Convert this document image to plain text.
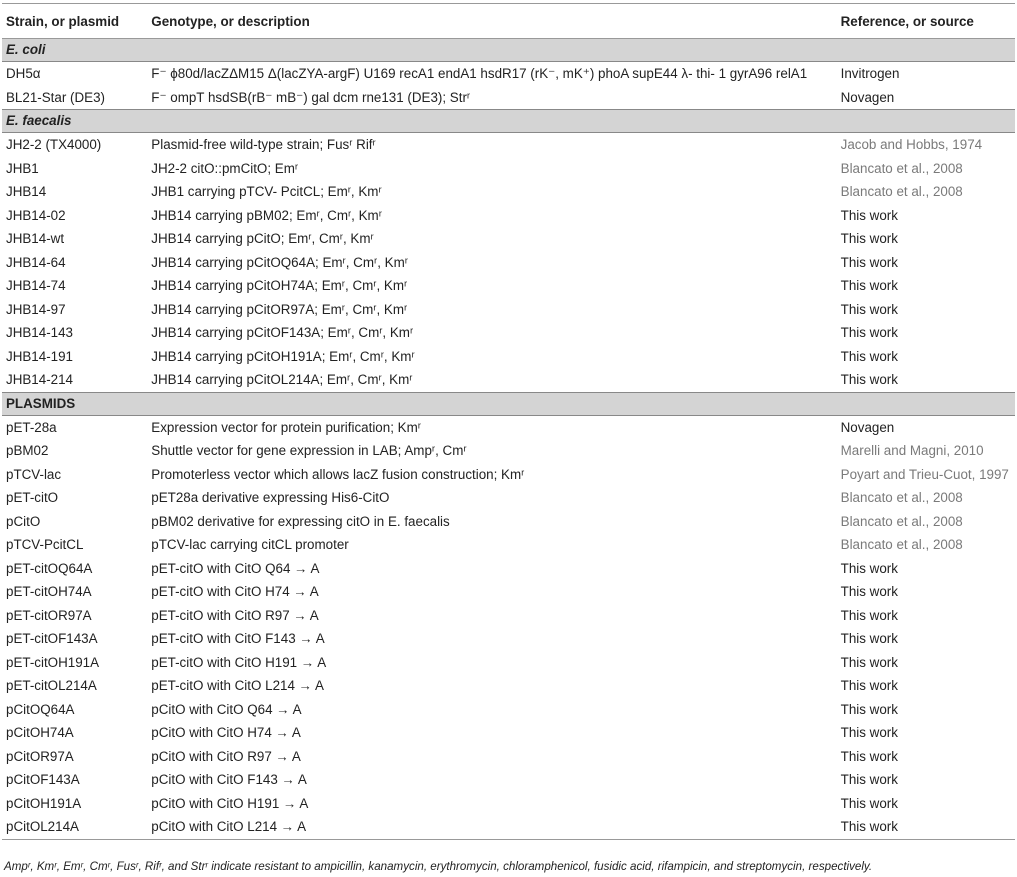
Strain, or plasmid	Genotype, or description	Reference, or source
E. coli		
DH5α	F⁻ ϕ80d/lacZΔM15 Δ(lacZYA-argF) U169 recA1 endA1 hsdR17 (rK⁻, mK⁺) phoA supE44 λ- thi- 1 gyrA96 relA1	Invitrogen
BL21-Star (DE3)	F⁻ ompT hsdSB(rB⁻ mB⁻) gal dcm rne131 (DE3); Strʳ	Novagen
E. faecalis		
JH2-2 (TX4000)	Plasmid-free wild-type strain; Fusʳ Rifʳ	Jacob and Hobbs, 1974
JHB1	JH2-2 citO::pmCitO; Emʳ	Blancato et al., 2008
JHB14	JHB1 carrying pTCV- PcitCL; Emʳ, Kmʳ	Blancato et al., 2008
JHB14-02	JHB14 carrying pBM02; Emʳ, Cmʳ, Kmʳ	This work
JHB14-wt	JHB14 carrying pCitO; Emʳ, Cmʳ, Kmʳ	This work
JHB14-64	JHB14 carrying pCitOQ64A; Emʳ, Cmʳ, Kmʳ	This work
JHB14-74	JHB14 carrying pCitOH74A; Emʳ, Cmʳ, Kmʳ	This work
JHB14-97	JHB14 carrying pCitOR97A; Emʳ, Cmʳ, Kmʳ	This work
JHB14-143	JHB14 carrying pCitOF143A; Emʳ, Cmʳ, Kmʳ	This work
JHB14-191	JHB14 carrying pCitOH191A; Emʳ, Cmʳ, Kmʳ	This work
JHB14-214	JHB14 carrying pCitOL214A; Emʳ, Cmʳ, Kmʳ	This work
PLASMIDS		
pET-28a	Expression vector for protein purification; Kmʳ	Novagen
pBM02	Shuttle vector for gene expression in LAB; Ampʳ, Cmʳ	Marelli and Magni, 2010
pTCV-lac	Promoterless vector which allows lacZ fusion construction; Kmʳ	Poyart and Trieu-Cuot, 1997
pET-citO	pET28a derivative expressing His6-CitO	Blancato et al., 2008
pCitO	pBM02 derivative for expressing citO in E. faecalis	Blancato et al., 2008
pTCV-PcitCL	pTCV-lac carrying citCL promoter	Blancato et al., 2008
pET-citOQ64A	pET-citO with CitO Q64 → A	This work
pET-citOH74A	pET-citO with CitO H74 → A	This work
pET-citOR97A	pET-citO with CitO R97 → A	This work
pET-citOF143A	pET-citO with CitO F143 → A	This work
pET-citOH191A	pET-citO with CitO H191 → A	This work
pET-citOL214A	pET-citO with CitO L214 → A	This work
pCitOQ64A	pCitO with CitO Q64 → A	This work
pCitOH74A	pCitO with CitO H74 → A	This work
pCitOR97A	pCitO with CitO R97 → A	This work
pCitOF143A	pCitO with CitO F143 → A	This work
pCitOH191A	pCitO with CitO H191 → A	This work
pCitOL214A	pCitO with CitO L214 → A	This work
Ampʳ, Kmʳ, Emʳ, Cmʳ, Fusʳ, Rifʳ, and Strʳ indicate resistant to ampicillin, kanamycin, erythromycin, chloramphenicol, fusidic acid, rifampicin, and streptomycin, respectively.
